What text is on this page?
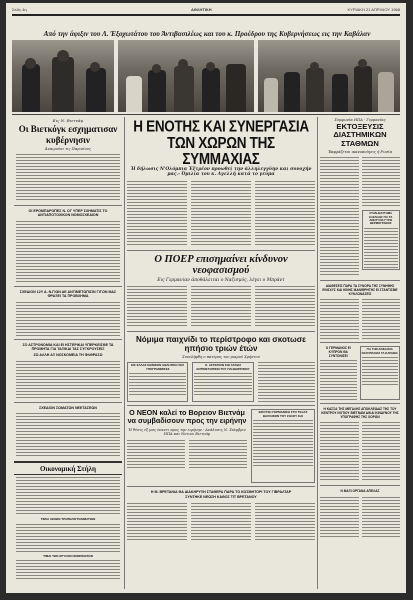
Σελίς 4η	ΑΘΛΗΤΙΚΗ	ΚΥΡΙΑΚΗ 21 ΑΠΡΙΛΙΟΥ 1968
Από την άφιξιν του Λ. Έξοχωτάτου του Άντιβασιλέως και του κ. Προέδρου της Κυβερνήσεως εις την Καβάλαν
Εις Ν. Βιετνάμ
Οι Βιετκόγκ εσχηματισαν κυβέρνησιν
Άναιρούσι τις Παρισίους
ΟΙ ΕΡΟΜΠΑΡΟΠΕΣ Ν. ΟΓ ΥΠΕΡ ΣΧΗΜΑΤΙΣ ΤΟ ΑΝΤΙΑΠΟΤΟΧΙΚΟΝ ΝΟΜΟΣΧΕΔΙΟΝ
ΣΧΕΔΙΟΝ 12Υ Α. Ν.ΓΙΩΝ ΑΕ ΑΝΤΙΜΕΤΩΠΙΣΙΝ ΓΙΓΩΝ ΜΑΣ ΦΡΑΞΕΙ ΤΑ ΠΡΟΒΛΗΜΑ
ΣΟ ΑΣΤΡΟΝΟΜΙΑ ΚΑΙ ΕΙ ΗΣΤΕΡΙΚΑΙ ΥΠΕΡΚΕΙΣΘΕ ΤΑ ΠΡΟΜΗΤΑ ΓΙΑ ΤΑΞΙΚΑΙ ΤΑΣ ΣΥΓΚΡΟΥΣΕΙΣ
ΖΩ ΑΛΛΗ ΑΞ ΝΟΣΚΟΜΕΙΑ ΤΗ ΦΛΘΡΑΣΩ
ΣΧΕΔΙΟΝ ΣΩΜΑΤΩΝ ΝΕΕΤΑΣΕΩΝ
Οικονομική Στήλη
ΤΙΜΑΙ ΞΕΝΩΝ ΤΡΑΠΕΖΟΓΡΑΜΜΑΤΙΩΝ
ΤΙΜΑΙ ΤΩΝ ΧΡΥΣΩΝ ΝΟΜΙΣΜΑΤΩΝ
Η ΕΝΟΤΗΣ ΚΑΙ ΣΥΝΕΡΓΑΣΙΑ ΤΩΝ ΧΩΡΩΝ ΤΗΣ ΣΥΜΜΑΧΙΑΣ
Ή δήλωσις Ν'Ολόμπια Έξτρέον προωθεί την άλληλεγγύην και συνοχήν μας.- Όμιλία του κ. Αγελλή κατά το γεύμα
Ο ΠΟΕΡ επισημαίνει κίνδυνον νεοφασισμού
Εις Γερμανίαν άποθάλειται ο Ναζισμός, λέγει ο Μπράντ
Νόμιμα παιχνίδι το περίστροφο και σκοτωσε ηπήσιο τριών έτών
Συνελήφθη ο πατέρας του μικρού Χρήστου
ΕΙΣ ΕΛΛΑΣ ΕΘΝΙΚΟΝ ΑΘΛΗΤΙΚΟ ΣΗΣ ΥΠΟΓΡΑΜΜΙΣΕΣ
Κ. ΑΣΤΕΡΙΟΝ ΣΩΙ ΑΓΑΘΗ ΑΝΤΙΜΕΤΩΠΙΣΙΝ ΤΟΥ ΠΛΗΘΩΡΙΣΜΟΥ
Ο ΝΕΟΝ καλεί το Βορειον Βιετνάμ να συμβαδίσουν προς την ειρήνην
Ή θέσις εξ μας έναντι προς την ειρήνην.- Ανάλυσις Ν. Σιάμβριο ΗΠΑ και Νοτιου Βιετνάμ
ΕΙΣΟΥΣΗ ΓΕΡΜΑΝΙΚΗ ΣΤΟ ΤΕΞΑΣ ΒΑΣΙΛΙΚΟΝ ΤΟΥ ΖΗΛΟΥ ΚΑΙ
Η Μ. ΒΡΕΤΑΝΙΑ ΘΑ ΔΙΑΚΗΡΥΞΗ ΣΤΑΘΕΡΑ ΠΑΡΑ ΤΟ ΚΟΣΜΗΤΟΡΙ ΤΟΥ ΓΙΒΡΑΛΤΑΡ
ΣΥΝΤΗΚΕ ΝΕΩΣΗ ΚΑΘΟΣ ΤΙΤ ΒΡΕΤΑΝΟΥ
Συμφωνία ΗΠΑ - Γερμανίας
ΕΚΤΟΞΕΥΣΙΣ ΔΙΑΣΤΗΜΙΚΩΝ ΣΤΑΘΜΩΝ
Έκφράζεται ικανοποίησις ή Ρωσία
ΣΤΗΝ ΔΙΑΣΤΗΜΑ ΕΞΕΛΙΞΗΣ ΓΙΑ ΤΑ ΑΝΗΣΥΧΙΑ ΓΥΡΩ ΘΕΡΜΟΓΡΑΦΟΣ
ΔΙΑΘΕΣΕΙΣ ΠΑΡΑ ΤΑ ΣΥΝΟΡΑ ΤΗΣ ΣΥΝΗΘΗΣ ΕΝΙΣΧΥΣ ΚΑΙ ΚΙΝΗΣ ΜΑΝΙΦΡΗΤΗΣ ΕΙ ΣΤΑΝΤΙΣΜΕ ΚΥΚΛΩΝΑΣΕΙΣ
Ο ΓΕΡΜΑΝΟΣ ΕΙ ΚΥΠΡΟΝ ΘΑ ΣΥΝΤΟΝΙΣΕΙ
ΓΙΑ ΤΗΝ ΑΣΦΑΛΕΙΑ ΝΑΥΣΙΠΛΟΙΑΣ ΤΑ ΚΑΡΑΒΙΑ
Η ΚΑΣΣΑ ΤΗΣ ΜΕΓΑΛΗΣ ΑΠΟΚΛΕΙΔΑΣ ΤΗΣ ΤΟΥ ΚΕΝΤΡΟΥ ΝΟΤΙΟΥ ΒΙΕΤΝΑΜ ΔΙΚΑΙ ΚΙΝΔΥΝΟΥ ΤΗΣ ΥΠΟΓΡΑΦΗΣ ΤΗΣ ΧΟΡΩΝ
Ν ΜΑΞΙ ΟΡΓΑΝΑ ΑΠΕΛΑΣ
